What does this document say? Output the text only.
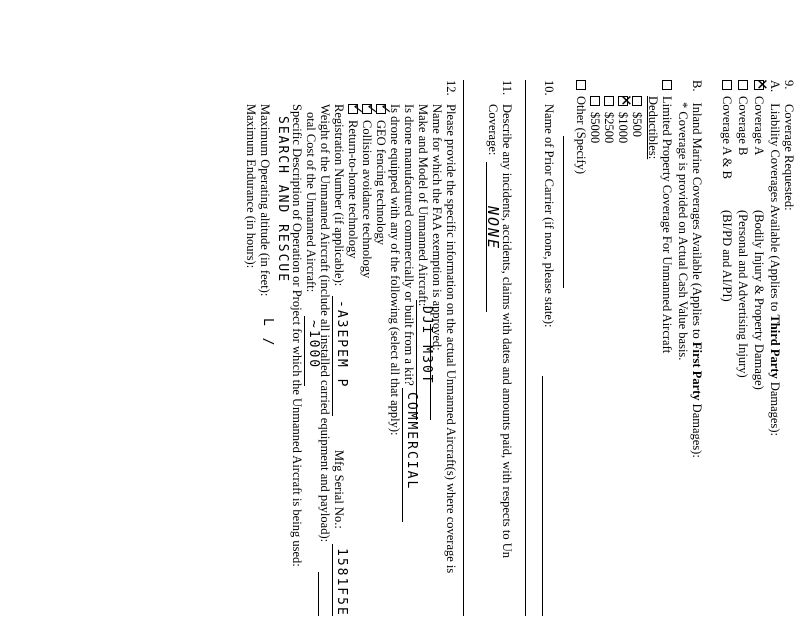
9.
Coverage Requested:
A. Liability Coverages Available (Applies to Third Party Damages):
✕Coverage A
(Bodily Injury & Property Damage)
Coverage B
(Personal and Advertising Injury)
Coverage A & B
(BI/PD and AI/PI)
B. Inland Marine Coverages Available (Applies to First Party Damages):
* Coverage is provided on Actual Cash Value basis.
Limited Property Coverage For Unmanned Aircraft
Deductibles:
$500
✕$1000
$2500
$5000
Other (Specify)
10.
Name of Prior Carrier (if none, please state):
11.
Describe any incidents, accidents, claims with dates and amounts paid, with respects to Un
Coverage:
NONE
12.
Please provide the specific information on the actual Unmanned Aircraft(s) where coverage is
Name for which the FAA exemption is approved:
Make and Model of Unmanned Aircraft:
DJI M30T
Is drone manufactured commercially or built from a kit?
COMMERCIAL
Is drone equipped with any of the following (select all that apply):
✓GEO fencing technology
✓Collision avoidance technology
✓Return-to-home technology
Registration Number (if applicable):
-A3EPEM P
Mfg Serial No.:
1581F5E
Weight of the Unmanned Aircraft (include all installed carried equipment and payload):
otal Cost of the Unmanned Aircraft:
~1000
Specific Description of Operation or Project for which the Unmanned Aircraft is being used:
SEARCH AND RESCUE
Maximum Operating altitude (in feet):
L /
Maximum Endurance (in hours):
